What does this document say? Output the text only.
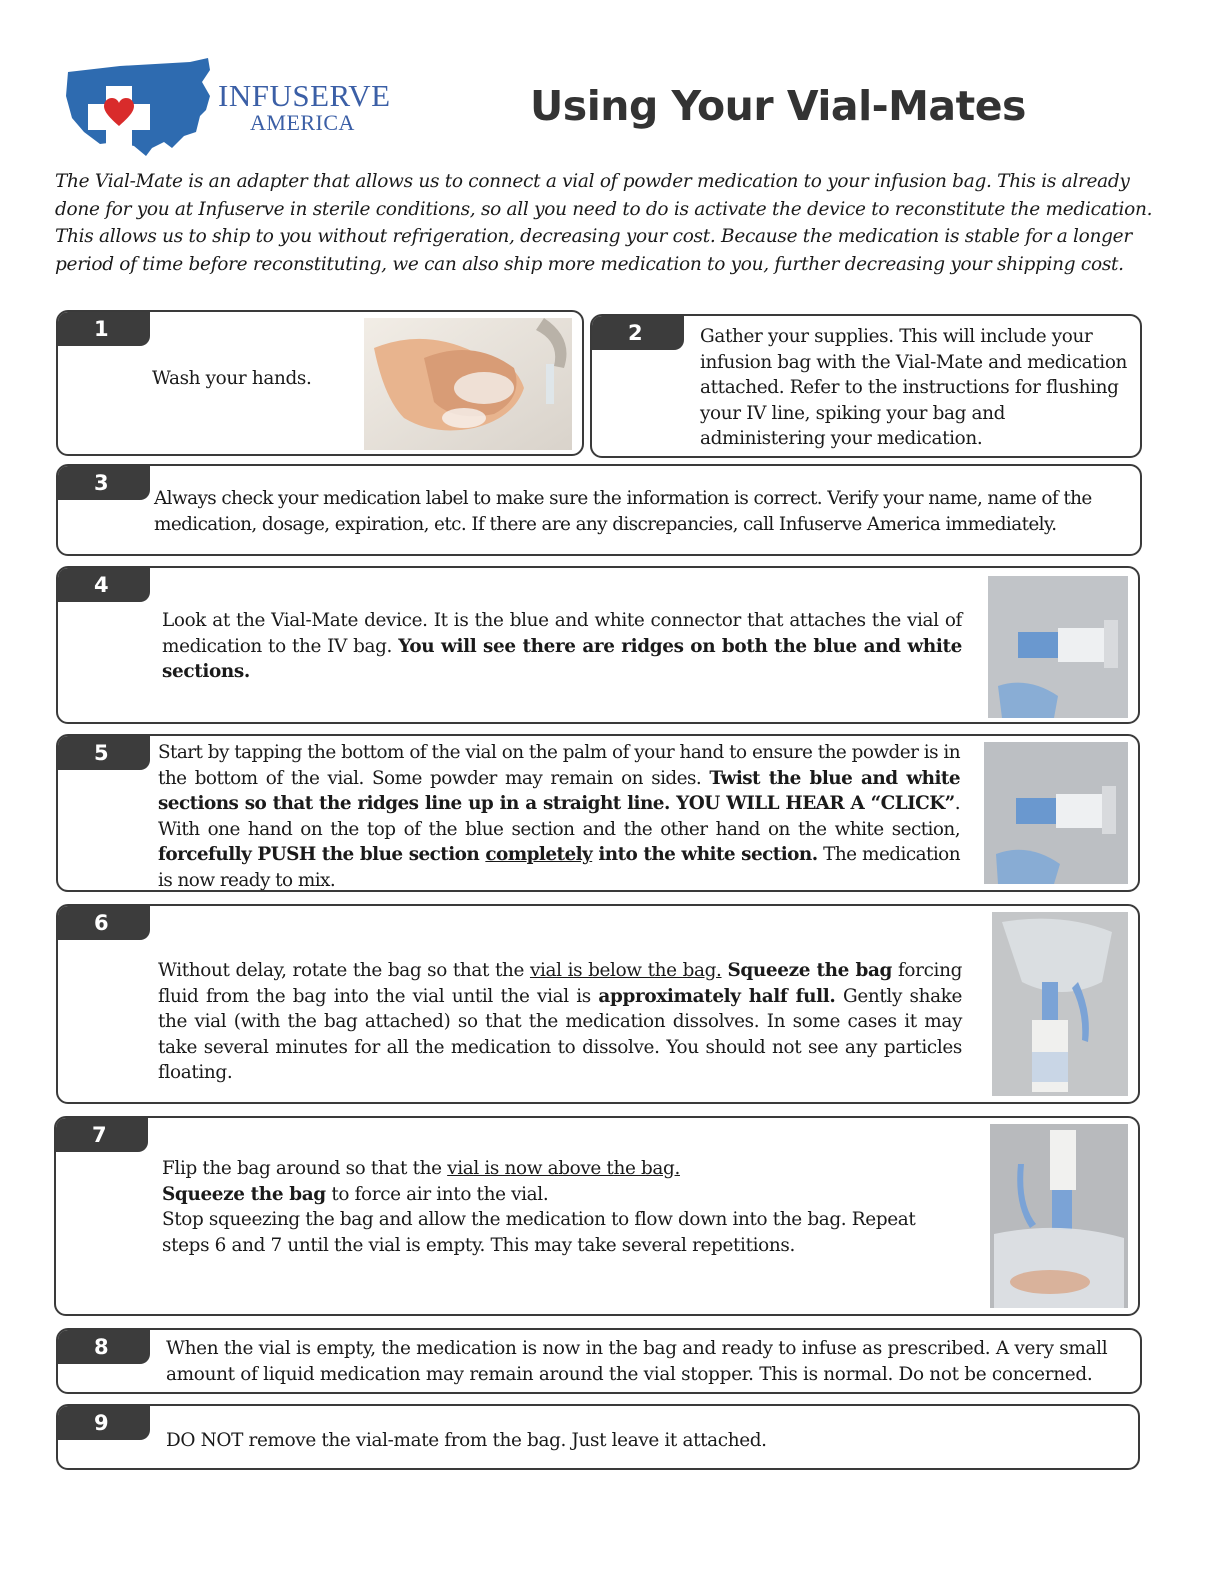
INFUSERVE
AMERICA	Using Your Vial-Mates
The Vial-Mate is an adapter that allows us to connect a vial of powder medication to your infusion bag. This is already done for you at Infuserve in sterile conditions, so all you need to do is activate the device to reconstitute the medication. This allows us to ship to you without refrigeration, decreasing your cost. Because the medication is stable for a longer period of time before reconstituting, we can also ship more medication to you, further decreasing your shipping cost.
1
Wash your hands.
2	Gather your supplies. This will include your infusion bag with the Vial-Mate and medication attached. Refer to the instructions for flushing your IV line, spiking your bag and administering your medication.
3
Always check your medication label to make sure the information is correct. Verify your name, name of the medication, dosage, expiration, etc. If there are any discrepancies, call Infuserve America immediately.
4
Look at the Vial-Mate device. It is the blue and white connector that attaches the vial of medication to the IV bag. You will see there are ridges on both the blue and white sections.
5	Start by tapping the bottom of the vial on the palm of your hand to ensure the powder is in the bottom of the vial. Some powder may remain on sides. Twist the blue and white sections so that the ridges line up in a straight line. YOU WILL HEAR A “CLICK”. With one hand on the top of the blue section and the other hand on the white section, forcefully PUSH the blue section completely into the white section. The medication is now ready to mix.
6
Without delay, rotate the bag so that the vial is below the bag. Squeeze the bag forcing fluid from the bag into the vial until the vial is approximately half full. Gently shake the vial (with the bag attached) so that the medication dissolves. In some cases it may take several minutes for all the medication to dissolve. You should not see any particles floating.
7
Flip the bag around so that the vial is now above the bag.
Squeeze the bag to force air into the vial.
Stop squeezing the bag and allow the medication to flow down into the bag. Repeat steps 6 and 7 until the vial is empty. This may take several repetitions.
8	When the vial is empty, the medication is now in the bag and ready to infuse as prescribed. A very small amount of liquid medication may remain around the vial stopper. This is normal. Do not be concerned.
9
DO NOT remove the vial-mate from the bag. Just leave it attached.
